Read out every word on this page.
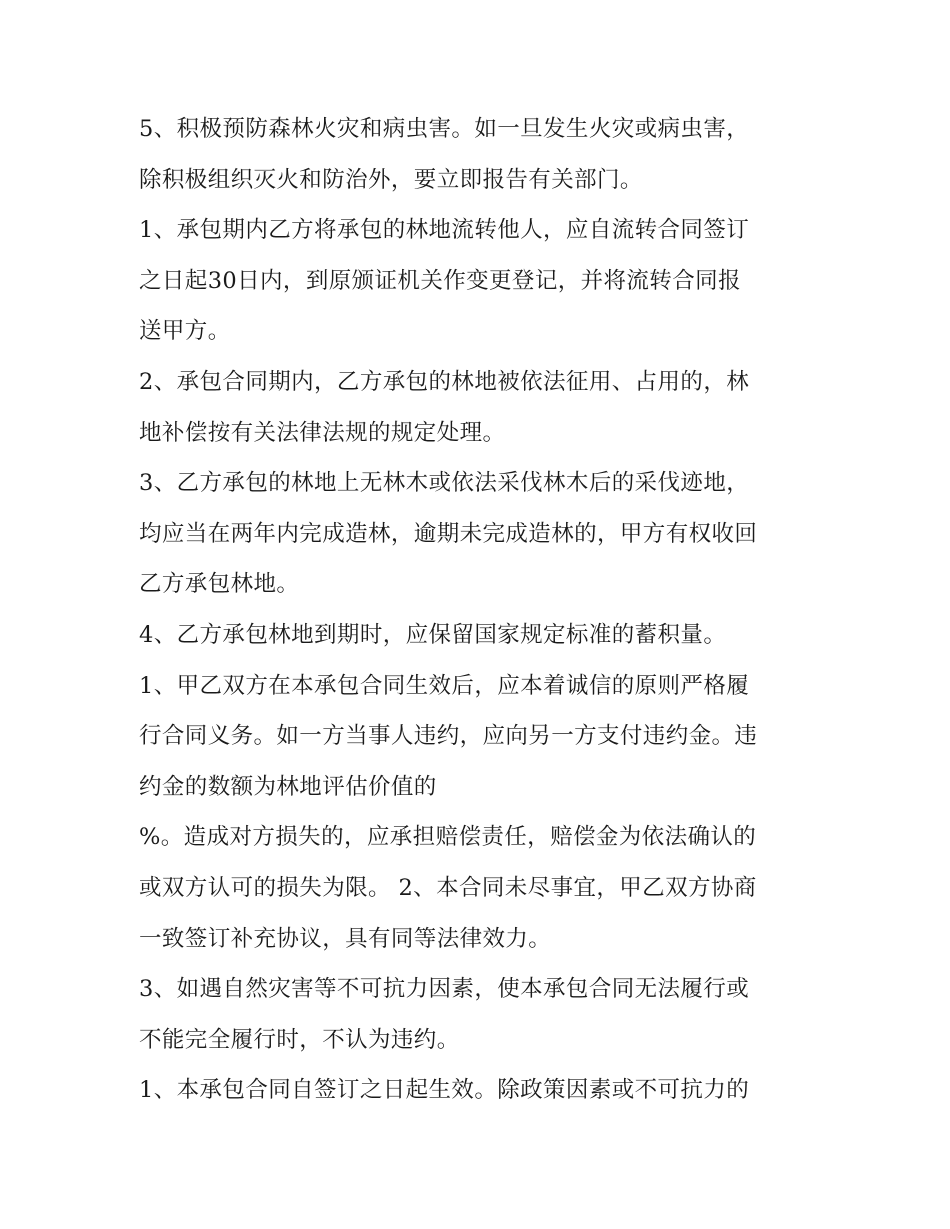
5、积极预防森林火灾和病虫害。如一旦发生火灾或病虫害，
除积极组织灭火和防治外，要立即报告有关部门。
1、承包期内乙方将承包的林地流转他人，应自流转合同签订
之日起30日内，到原颁证机关作变更登记，并将流转合同报
送甲方。
2、承包合同期内，乙方承包的林地被依法征用、占用的，林
地补偿按有关法律法规的规定处理。
3、乙方承包的林地上无林木或依法采伐林木后的采伐迹地，
均应当在两年内完成造林，逾期未完成造林的，甲方有权收回
乙方承包林地。
4、乙方承包林地到期时，应保留国家规定标准的蓄积量。
1、甲乙双方在本承包合同生效后，应本着诚信的原则严格履
行合同义务。如一方当事人违约，应向另一方支付违约金。违
约金的数额为林地评估价值的
%。造成对方损失的，应承担赔偿责任，赔偿金为依法确认的
或双方认可的损失为限。 2、本合同未尽事宜，甲乙双方协商
一致签订补充协议，具有同等法律效力。
3、如遇自然灾害等不可抗力因素，使本承包合同无法履行或
不能完全履行时，不认为违约。
1、本承包合同自签订之日起生效。除政策因素或不可抗力的
